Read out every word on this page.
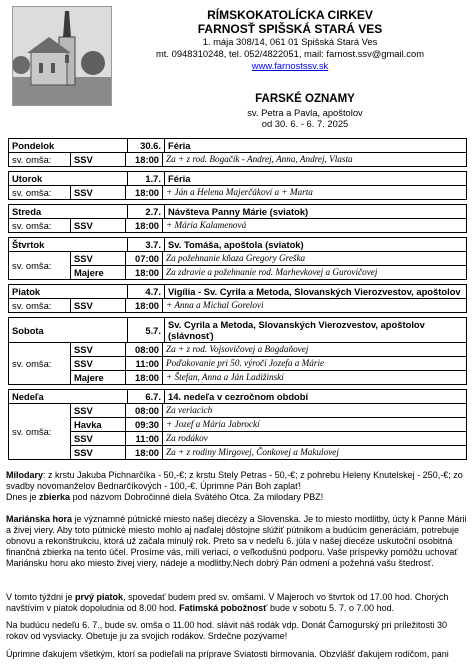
RÍMSKOKATOLÍCKA CIRKEV
FARNOSŤ SPIŠSKÁ STARÁ VES
1. mája 308/14, 061 01 Spišská Stará Ves
mt. 0948310248, tel. 052/4822051, mail: farnost.ssv@gmail.com
www.farnostssv.sk
FARSKÉ OZNAMY
sv. Petra a Pavla, apoštolov
od 30. 6. - 6. 7. 2025
Pondelok	30.6. Féria
sv. omša:	SSV	18:00 Za + z rod. Bogačík - Andrej, Anna, Andrej, Vlasta
Utorok	1.7. Féria
sv. omša:	SSV	18:00 + Ján a Helena Majerčákoví a + Marta
Streda	2.7. Návšteva Panny Márie (sviatok)
sv. omša:	SSV	18:00 + Mária Kalamenová
Štvrtok	3.7. Sv. Tomáša, apoštola (sviatok)
sv. omša:
SSV	07:00 Za požehnanie kňaza Gregory Greška
Majere	18:00 Za zdravie a požehnanie rod. Marhevkovej a Gurovičovej
Piatok	4.7. Vigília - Sv. Cyrila a Metoda, Slovanských Vierozvestov, apoštolov
sv. omša:	SSV	18:00 + Anna a Michal Gorelovi
Sobota	5.7. Sv. Cyrila a Metoda, Slovanských Vierozvestov, apoštolov (slávnosť)
sv. omša:
SSV	08:00 Za + z rod. Vojsovičovej a Bogdaňovej
SSV	11:00 Poďakovanie pri 50. výročí Jozefa a Márie
Majere	18:00 + Štefan, Anna a Ján Ladižinskí
Nedeľa	6.7. 14. nedeľa v cezročnom období
sv. omša:
SSV	08:00 Za veriacich
Havka	09:30 + Jozef a Mária Jabrockí
SSV	11:00 Za rodákov
SSV	18:00 Za + z rodiny Mirgovej, Čonkovej a Makulovej
Milodary: z krstu Jakuba Pichnarčíka - 50,-€; z krstu Stely Petras - 50,-€; z pohrebu Heleny Knutelskej - 250,-€; zo svadby novomanželov Bednarčíkových - 100,-€. Úprimne Pán Boh zaplať!
Dnes je zbierka pod názvom Dobročinné diela Svätého Otca. Za milodary PBZ!
Mariánska hora je významné pútnické miesto našej diecézy a Slovenska. Je to miesto modlitby, úcty k Panne Márii a živej viery. Aby toto pútnické miesto mohlo aj naďalej dôstojne slúžiť pútnikom a budúcim generáciám, potrebuje obnovu a rekonštrukciu, ktorá už začala minulý rok. Preto sa v nedeľu 6. júla v našej diecéze uskutoční osobitná finančná zbierka na tento účel. Prosíme vás, milí veriaci, o veľkodušnú podporu. Vaše príspevky pomôžu uchovať Mariánsku horu ako miesto živej viery, nádeje a modlitby.Nech dobrý Pán odmení a požehná vašu štedrosť.
V tomto týždni je prvý piatok, spovedať budem pred sv. omšami. V Majeroch vo štvrtok od 17.00 hod. Chorých navštívim v piatok dopoludnia od 8.00 hod. Fatimská pobožnosť bude v sobotu 5. 7. o 7.00 hod.
Na budúcu nedeľu 6. 7., bude sv. omša o 11.00 hod. slávit náš rodák vdp. Donát Čarnogurský pri príležitosti 30 rokov od vysviacky. Obetuje ju za svojich rodákov. Srdečne pozývame!
Úprimne ďakujem všetkým, ktorí sa podieľali na príprave Sviatosti birmovania. Obzvlášť ďakujem rodičom, pani
